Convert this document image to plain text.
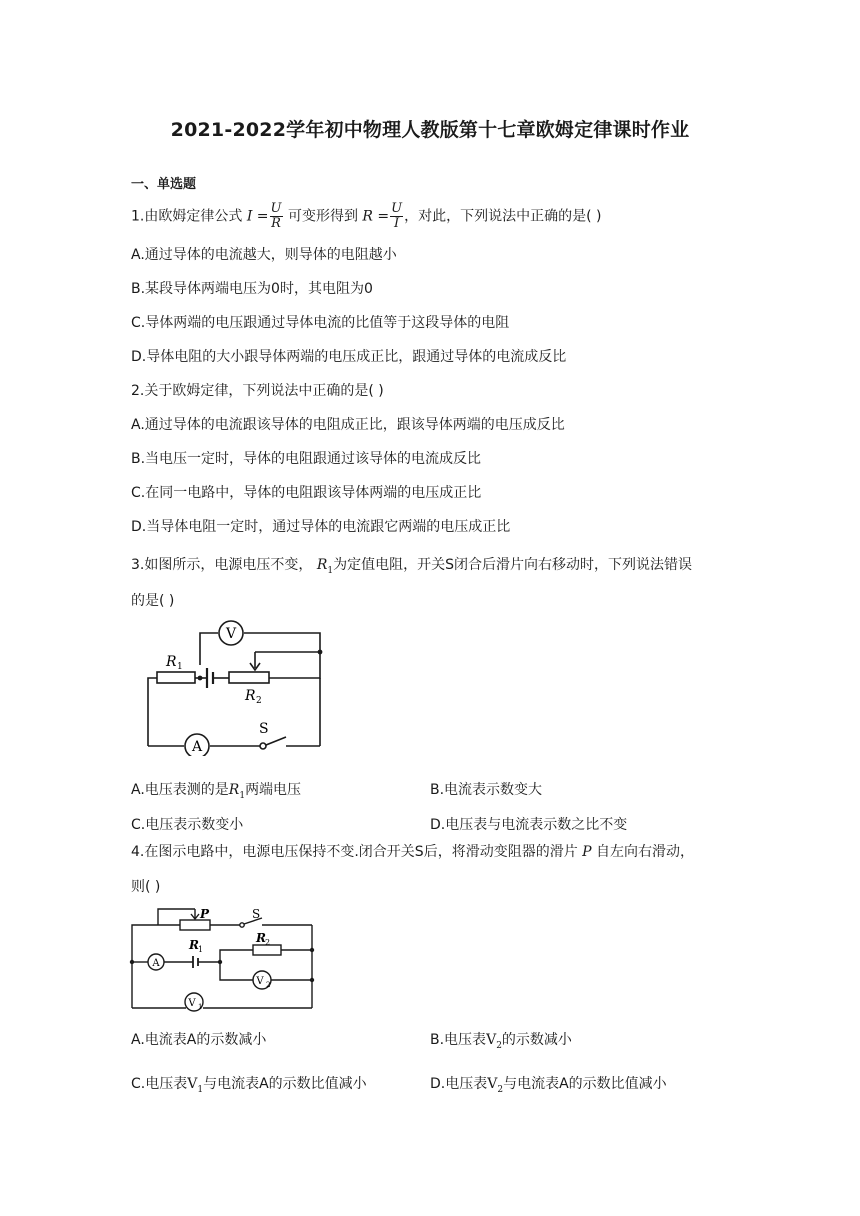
2021-2022学年初中物理人教版第十七章欧姆定律课时作业
一、单选题
1.由欧姆定律公式 $I = \frac{U}{R}$ 可变形得到 $R = \frac{U}{I}$ ，对此，下列说法中正确的是( )
A.通过导体的电流越大，则导体的电阻越小
B.某段导体两端电压为0时，其电阻为0
C.导体两端的电压跟通过导体电流的比值等于这段导体的电阻
D.导体电阻的大小跟导体两端的电压成正比，跟通过导体的电流成反比
2.关于欧姆定律，下列说法中正确的是( )
A.通过导体的电流跟该导体的电阻成正比，跟该导体两端的电压成反比
B.当电压一定时，导体的电阻跟通过该导体的电流成反比
C.在同一电路中，导体的电阻跟该导体两端的电压成正比
D.当导体电阻一定时，通过导体的电流跟它两端的电压成正比
3.如图所示，电源电压不变， $R_1$为定值电阻，开关S闭合后滑片向右移动时，下列说法错误
的是( )
V
A
R 1
R 2
S
A.电压表测的是$R_1$两端电压	B.电流表示数变大
C.电压表示数变小	D.电压表与电流表示数之比不变
4.在图示电路中，电源电压保持不变.闭合开关S后，将滑动变阻器的滑片 P 自左向右滑动，
则( )
P	S
R 1
R 2
A
V 2
V 1
A.电流表A的示数减小	B.电压表$V_2$的示数减小
C.电压表$V_1$与电流表A的示数比值减小	D.电压表$V_2$与电流表A的示数比值减小
